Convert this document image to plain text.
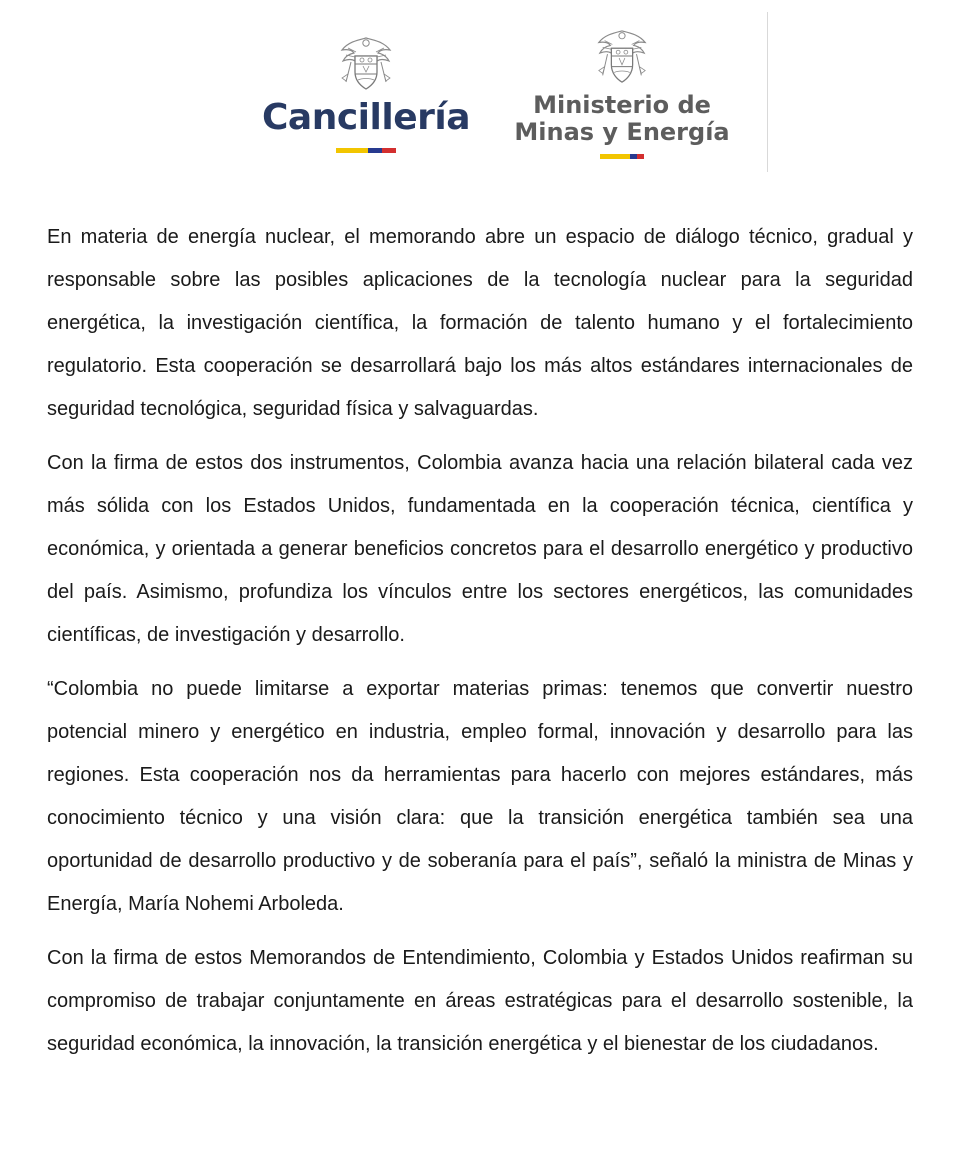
Cancillería	Ministerio de
Minas y Energía

En materia de energía nuclear, el memorando abre un espacio de diálogo técnico, gradual y responsable sobre las posibles aplicaciones de la tecnología nuclear para la seguridad energética, la investigación científica, la formación de talento humano y el fortalecimiento regulatorio. Esta cooperación se desarrollará bajo los más altos estándares internacionales de seguridad tecnológica, seguridad física y salvaguardas.

Con la firma de estos dos instrumentos, Colombia avanza hacia una relación bilateral cada vez más sólida con los Estados Unidos, fundamentada en la cooperación técnica, científica y económica, y orientada a generar beneficios concretos para el desarrollo energético y productivo del país. Asimismo, profundiza los vínculos entre los sectores energéticos, las comunidades científicas, de investigación y desarrollo.

“Colombia no puede limitarse a exportar materias primas: tenemos que convertir nuestro potencial minero y energético en industria, empleo formal, innovación y desarrollo para las regiones. Esta cooperación nos da herramientas para hacerlo con mejores estándares, más conocimiento técnico y una visión clara: que la transición energética también sea una oportunidad de desarrollo productivo y de soberanía para el país”, señaló la ministra de Minas y Energía, María Nohemi Arboleda.

Con la firma de estos Memorandos de Entendimiento, Colombia y Estados Unidos reafirman su compromiso de trabajar conjuntamente en áreas estratégicas para el desarrollo sostenible, la seguridad económica, la innovación, la transición energética y el bienestar de los ciudadanos.
